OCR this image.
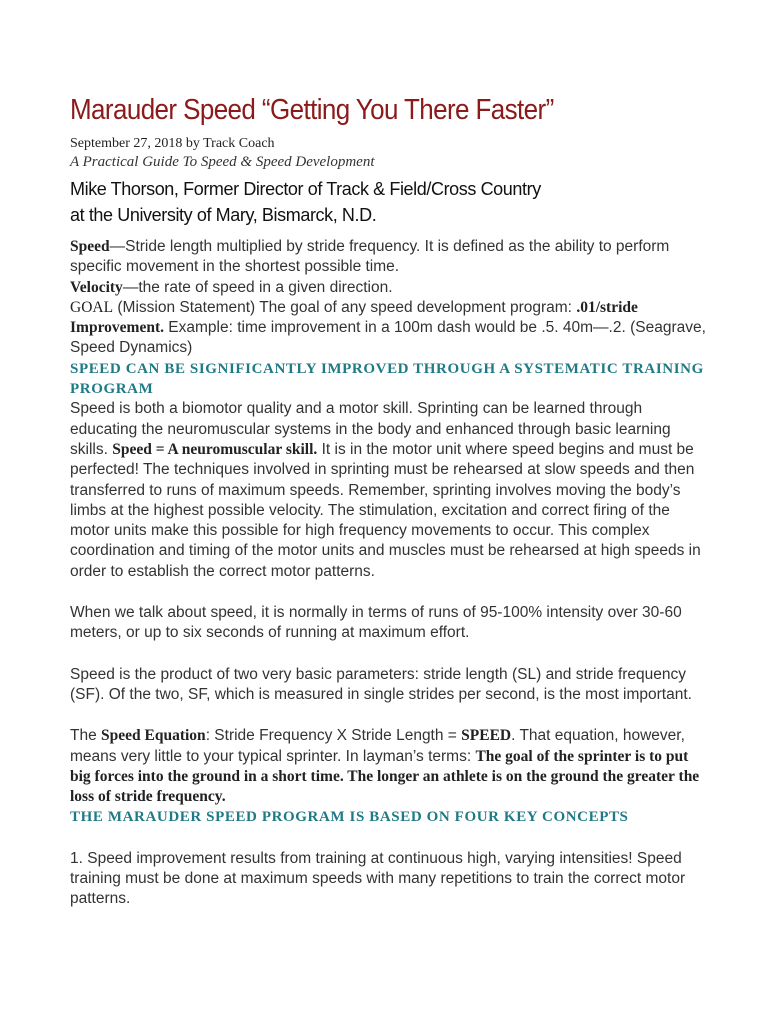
Marauder Speed “Getting You There Faster”
September 27, 2018 by Track Coach
A Practical Guide To Speed & Speed Development
Mike Thorson, Former Director of Track & Field/Cross Country
at the University of Mary, Bismarck, N.D.

Speed—Stride length multiplied by stride frequency. It is defined as the ability to perform specific movement in the shortest possible time.

Velocity—the rate of speed in a given direction.

GOAL (Mission Statement) The goal of any speed development program: .01/stride Improvement. Example: time improvement in a 100m dash would be .5. 40m—.2. (Seagrave, Speed Dynamics)

SPEED CAN BE SIGNIFICANTLY IMPROVED THROUGH A SYSTEMATIC TRAINING PROGRAM

Speed is both a biomotor quality and a motor skill. Sprinting can be learned through educating the neuromuscular systems in the body and enhanced through basic learning skills. Speed = A neuromuscular skill. It is in the motor unit where speed begins and must be perfected! The techniques involved in sprinting must be rehearsed at slow speeds and then transferred to runs of maximum speeds. Remember, sprinting involves moving the body’s limbs at the highest possible velocity. The stimulation, excitation and correct firing of the motor units make this possible for high frequency movements to occur. This complex coordination and timing of the motor units and muscles must be rehearsed at high speeds in order to establish the correct motor patterns.

When we talk about speed, it is normally in terms of runs of 95-100% intensity over 30-60 meters, or up to six seconds of running at maximum effort.

Speed is the product of two very basic parameters: stride length (SL) and stride frequency (SF). Of the two, SF, which is measured in single strides per second, is the most important.

The Speed Equation: Stride Frequency X Stride Length = SPEED. That equation, however, means very little to your typical sprinter. In layman’s terms: The goal of the sprinter is to put big forces into the ground in a short time. The longer an athlete is on the ground the greater the loss of stride frequency.

THE MARAUDER SPEED PROGRAM IS BASED ON FOUR KEY CONCEPTS

1. Speed improvement results from training at continuous high, varying intensities! Speed training must be done at maximum speeds with many repetitions to train the correct motor patterns.
